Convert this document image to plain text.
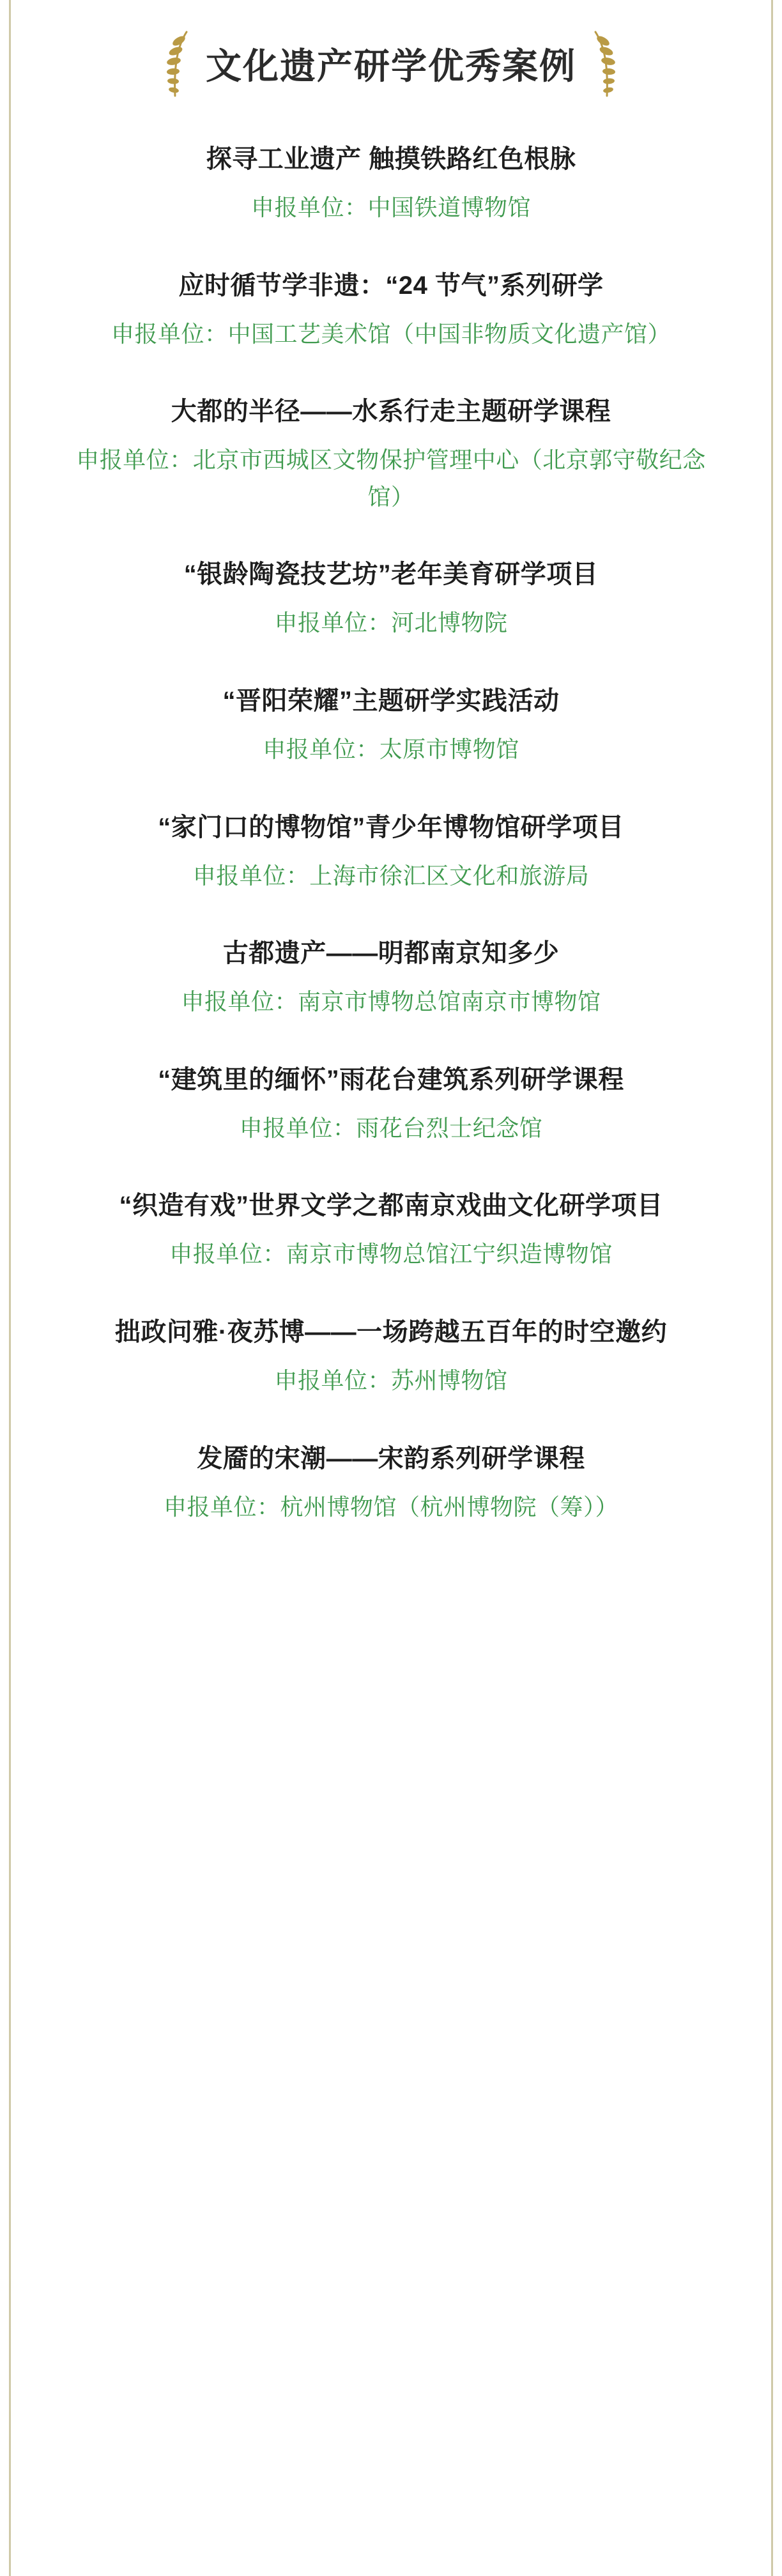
文化遗产研学优秀案例
探寻工业遗产 触摸铁路红色根脉
申报单位：中国铁道博物馆
应时循节学非遗：“24 节气”系列研学
申报单位：中国工艺美术馆（中国非物质文化遗产馆）
大都的半径——水系行走主题研学课程
申报单位：北京市西城区文物保护管理中心（北京郭守敬纪念馆）
“银龄陶瓷技艺坊”老年美育研学项目
申报单位：河北博物院
“晋阳荣耀”主题研学实践活动
申报单位：太原市博物馆
“家门口的博物馆”青少年博物馆研学项目
申报单位：上海市徐汇区文化和旅游局
古都遗产——明都南京知多少
申报单位：南京市博物总馆南京市博物馆
“建筑里的缅怀”雨花台建筑系列研学课程
申报单位：雨花台烈士纪念馆
“织造有戏”世界文学之都南京戏曲文化研学项目
申报单位：南京市博物总馆江宁织造博物馆
拙政问雅·夜苏博——一场跨越五百年的时空邀约
申报单位：苏州博物馆
发靥的宋潮——宋韵系列研学课程
申报单位：杭州博物馆（杭州博物院（筹））
